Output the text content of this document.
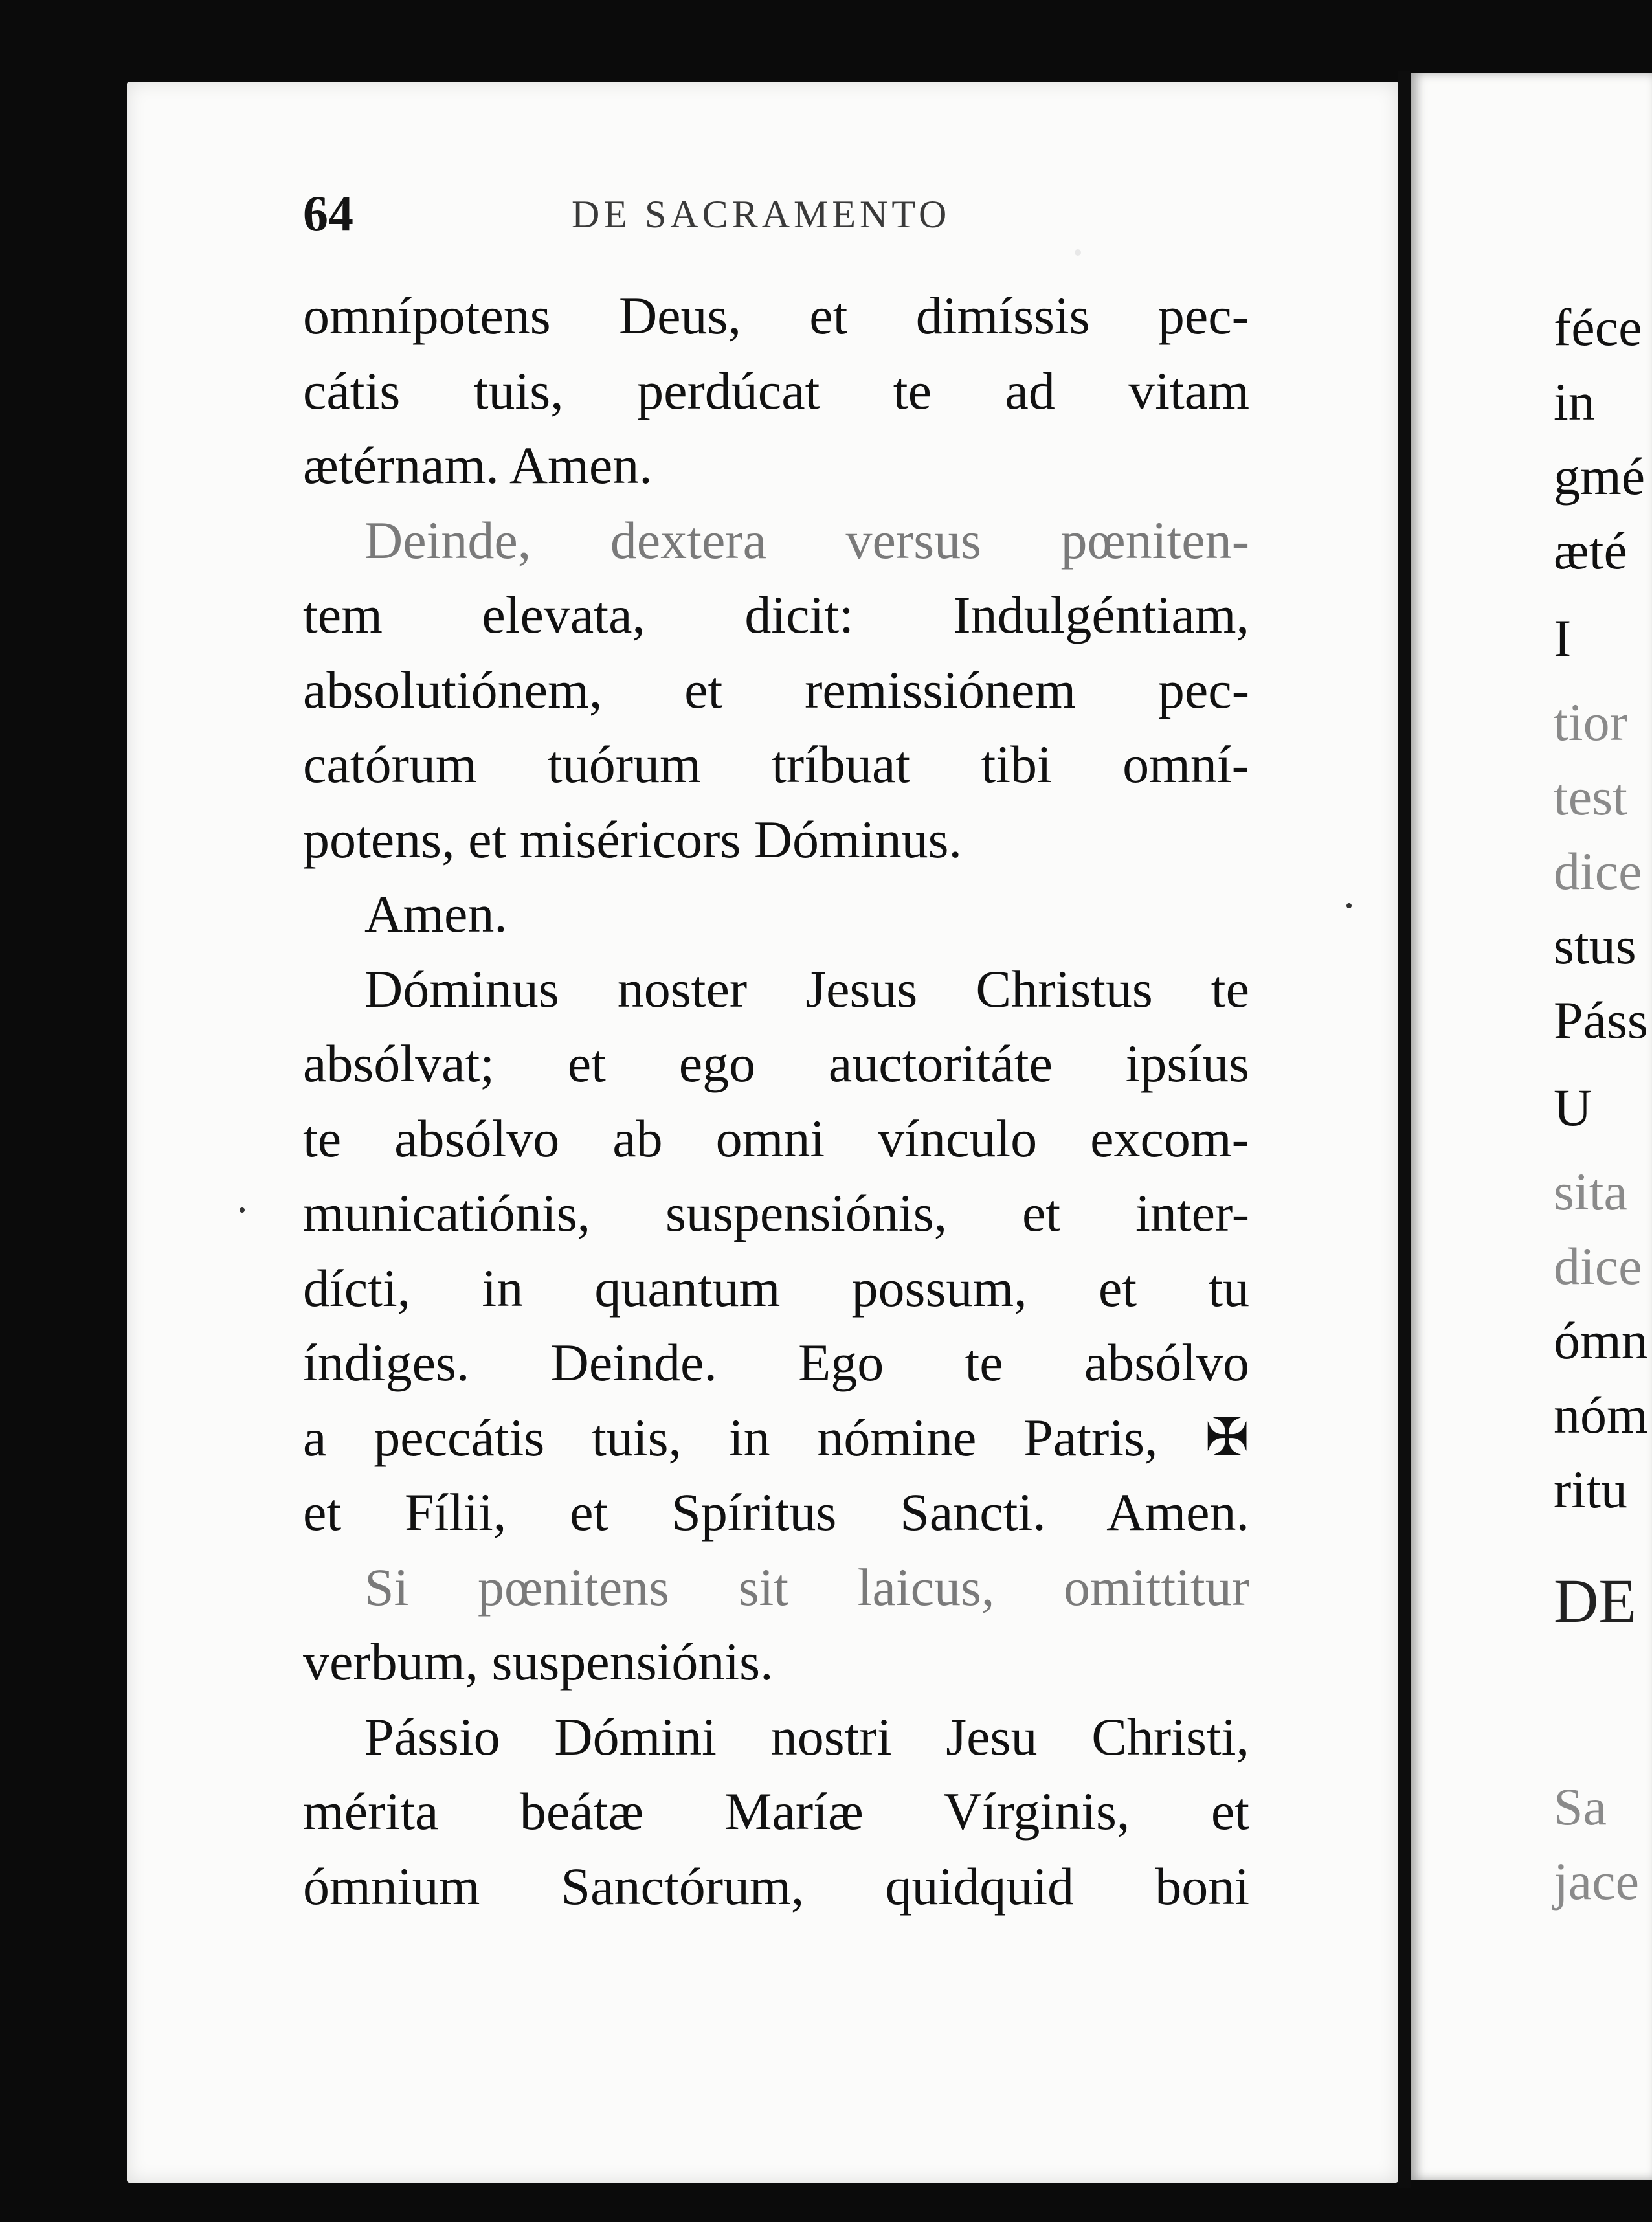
64	DE SACRAMENTO
omnípotens Deus, et dimíssis pec-
cátis tuis, perdúcat te ad vitam
ætérnam. Amen.
Deinde, dextera versus pœniten-
tem elevata, dicit: Indulgéntiam,
absolutiónem, et remissiónem pec-
catórum tuórum tríbuat tibi omní-
potens, et miséricors Dóminus.
Amen.
Dóminus noster Jesus Christus te
absólvat; et ego auctoritáte ipsíus
te absólvo ab omni vínculo excom-
municatiónis, suspensiónis, et inter-
dícti, in quantum possum, et tu
índiges. Deinde. Ego te absólvo
a peccátis tuis, in nómine Patris, ✠
et Fílii, et Spíritus Sancti. Amen.
Si pœnitens sit laicus, omittitur
verbum, suspensiónis.
Pássio Dómini nostri Jesu Christi,
mérita beátæ Maríæ Vírginis, et
ómnium Sanctórum, quidquid boni
féce
in
gmé
æté
I
tior
test
dice
stus
Páss
U
sita
dice
ómn
nóm
ritu
DE
Sa
jace
